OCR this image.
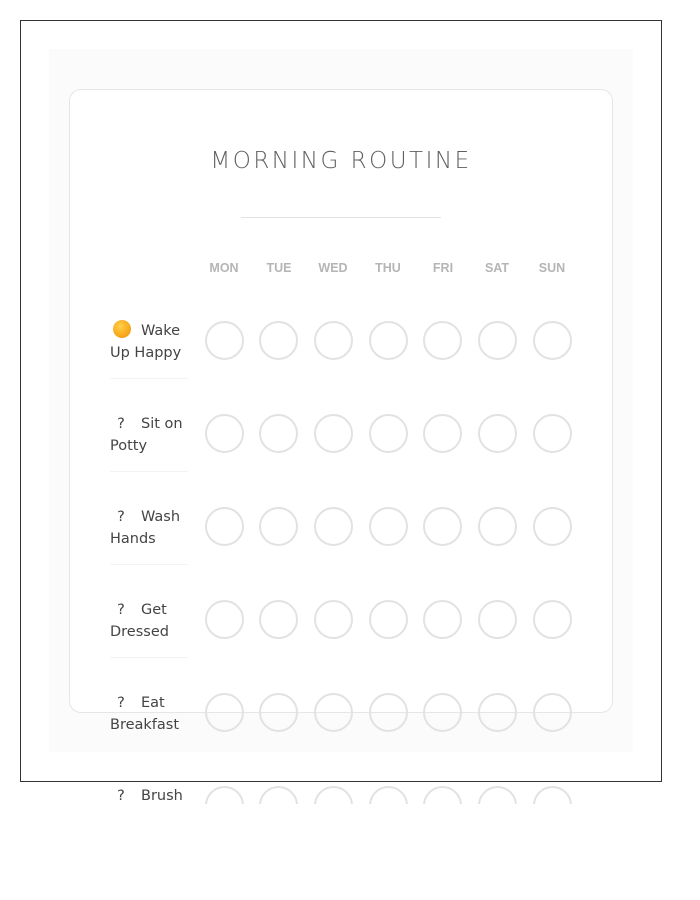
MORNING ROUTINE
MON	TUE	WED	THU	FRI	SAT	SUN
Wake
Up Happy
? Sit on
Potty
? Wash
Hands
? Get
Dressed
? Eat
Breakfast
? Brush
